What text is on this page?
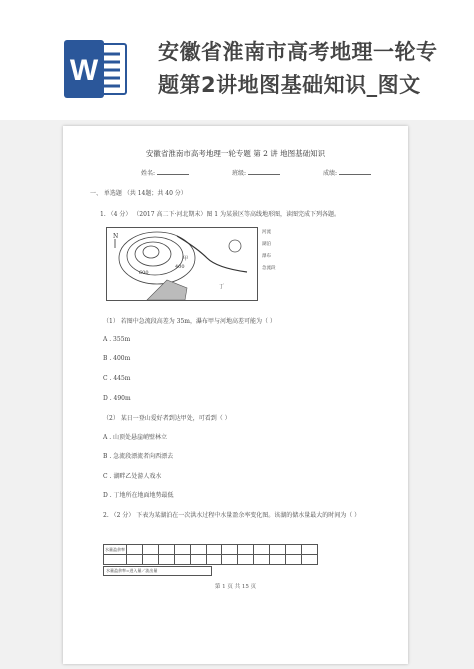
W
安徽省淮南市高考地理一轮专
题第2讲地图基础知识_图文
安徽省淮南市高考地理一轮专题 第 2 讲 地图基础知识
姓名:	班级:	成绩:
一、 单选题 （共 14题；共 40 分）
1. （4 分） （2017 高二下·河北期末）图 1 为某景区等高线地形图，读图完成下列各题。
N
600
400
甲
丁
河流
湖泊
瀑布
急流段
（1） 若图中急流段高差为 35m，瀑布甲与河地高差可能为（ ）
A . 355m
B . 400m
C . 445m
D . 490m
（2） 某日一登山爱好者到达甲处，可看到（ ）
A . 山顶处悬崖峭壁林立
B . 急流段漂流者向西漂去
C . 湖畔乙处游人戏水
D . 丁地所在地面地势最低
2. （2 分） 下表为某湖泊在一次洪水过程中水量盈余率变化图。该湖的储水量最大的时间为（ ）
水量盈余率												

水量盈余率=进入量／流出量
第 1 页 共 15 页
